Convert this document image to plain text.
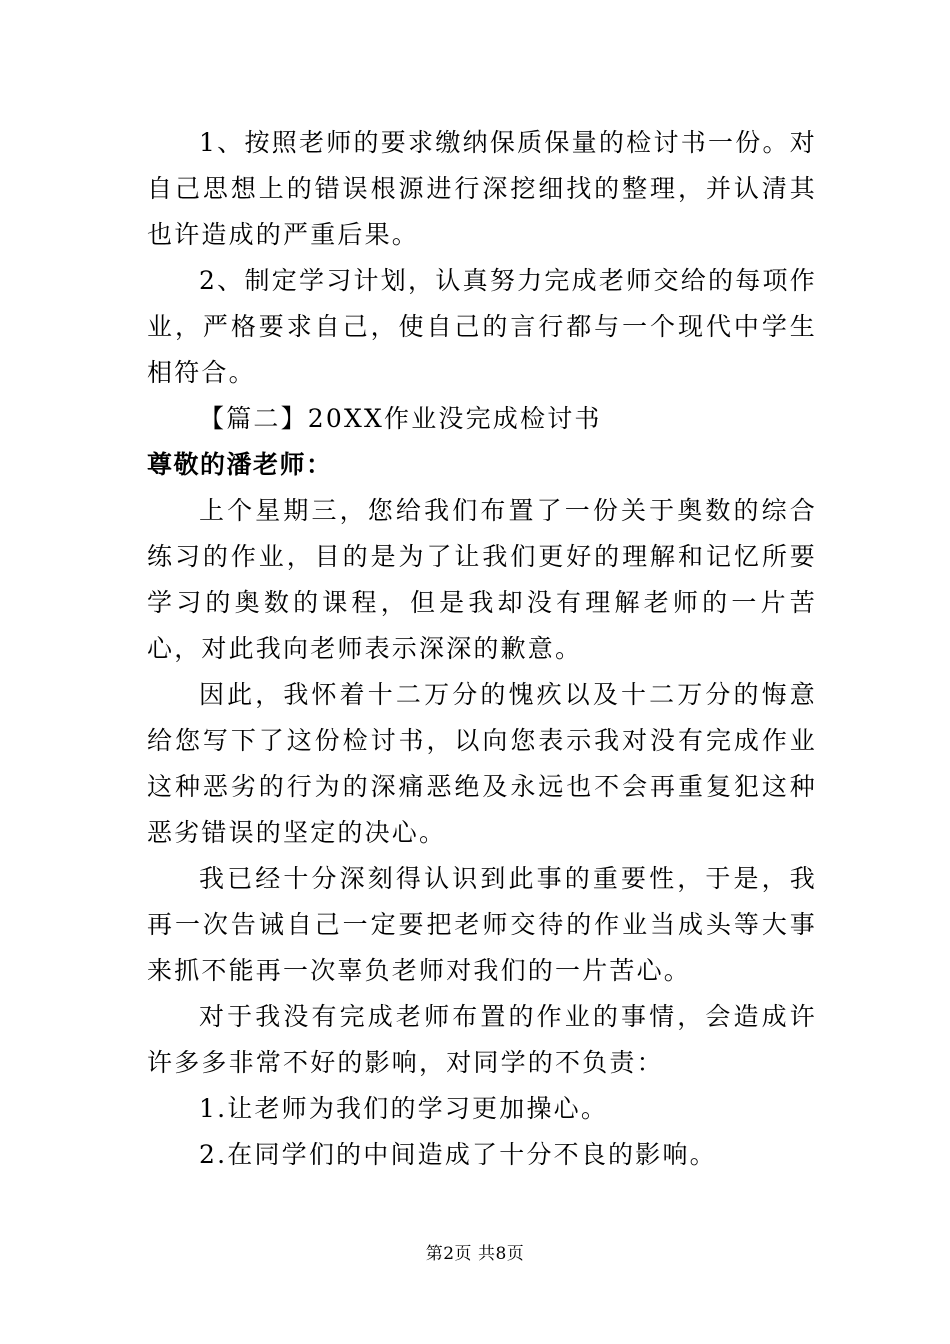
1、按照老师的要求缴纳保质保量的检讨书一份。对自己思想上的错误根源进行深挖细找的整理，并认清其也许造成的严重后果。

2、制定学习计划，认真努力完成老师交给的每项作业，严格要求自己，使自己的言行都与一个现代中学生相符合。

【篇二】20XX作业没完成检讨书

尊敬的潘老师：

上个星期三，您给我们布置了一份关于奥数的综合练习的作业，目的是为了让我们更好的理解和记忆所要学习的奥数的课程，但是我却没有理解老师的一片苦心，对此我向老师表示深深的歉意。

因此，我怀着十二万分的愧疚以及十二万分的悔意给您写下了这份检讨书，以向您表示我对没有完成作业这种恶劣的行为的深痛恶绝及永远也不会再重复犯这种恶劣错误的坚定的决心。

我已经十分深刻得认识到此事的重要性，于是，我再一次告诫自己一定要把老师交待的作业当成头等大事来抓不能再一次辜负老师对我们的一片苦心。

对于我没有完成老师布置的作业的事情，会造成许许多多非常不好的影响，对同学的不负责：

1.让老师为我们的学习更加操心。

2.在同学们的中间造成了十分不良的影响。

第2页 共8页
